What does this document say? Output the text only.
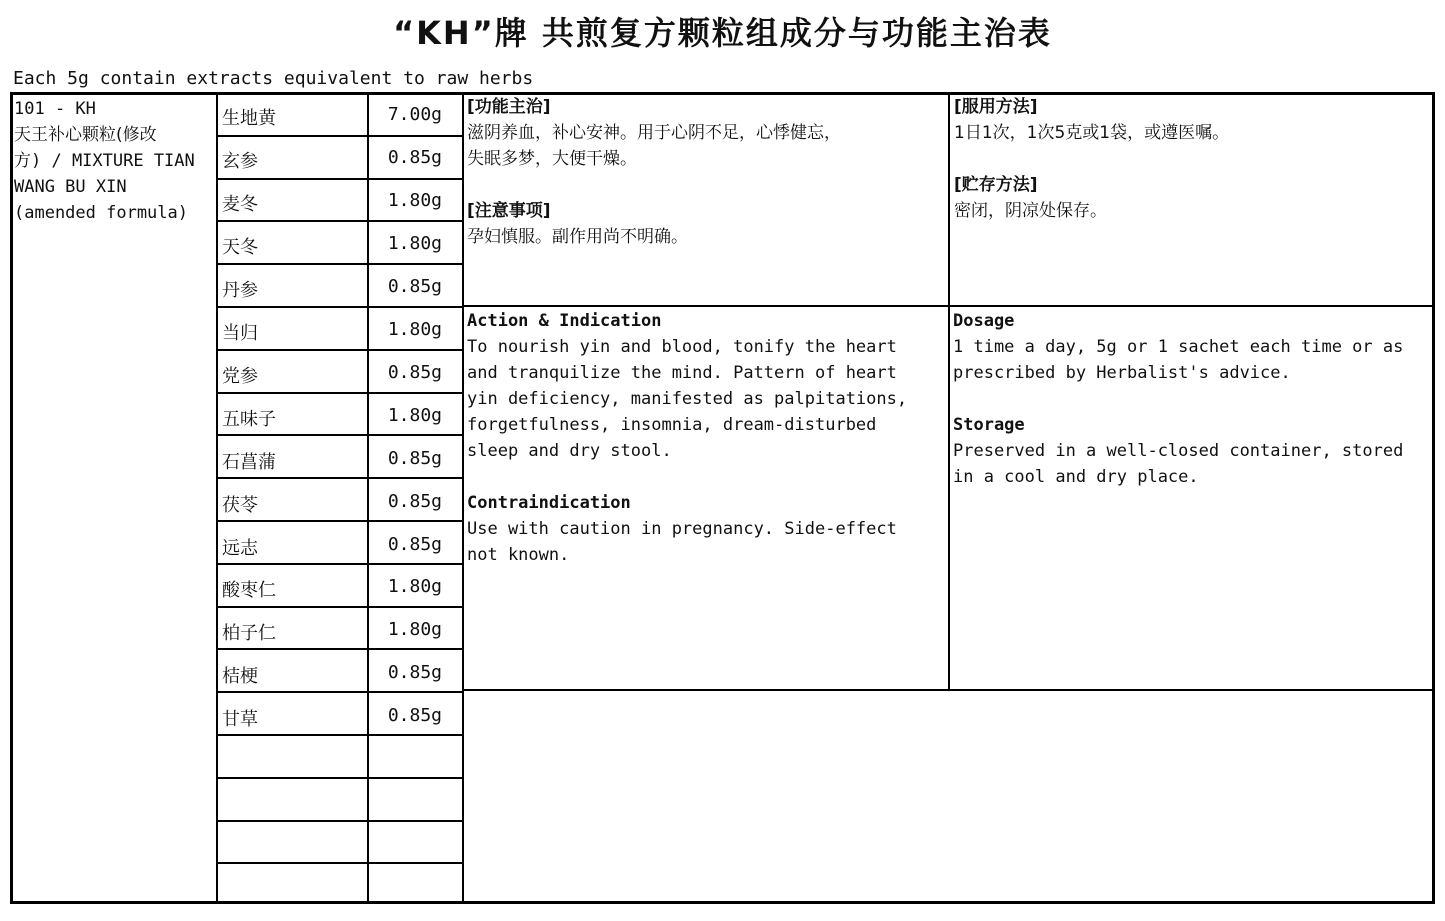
“KH”牌 共煎复方颗粒组成分与功能主治表
Each 5g contain extracts equivalent to raw herbs
101 - KH
天王补心颗粒(修改
方) / MIXTURE TIAN
WANG BU XIN
(amended formula)
生地黄	7.00g
玄参	0.85g
麦冬	1.80g
天冬	1.80g
丹参	0.85g
当归	1.80g
党参	0.85g
五味子	1.80g
石菖蒲	0.85g
茯苓	0.85g
远志	0.85g
酸枣仁	1.80g
柏子仁	1.80g
桔梗	0.85g
甘草	0.85g
[功能主治]
滋阴养血，补心安神。用于心阴不足，心悸健忘，
失眠多梦，大便干燥。
[注意事项]
孕妇慎服。副作用尚不明确。
[服用方法]
1日1次，1次5克或1袋，或遵医嘱。
[贮存方法]
密闭，阴凉处保存。
Action & Indication
To nourish yin and blood, tonify the heart
and tranquilize the mind. Pattern of heart
yin deficiency, manifested as palpitations,
forgetfulness, insomnia, dream-disturbed
sleep and dry stool.
Contraindication
Use with caution in pregnancy. Side-effect
not known.
Dosage
1 time a day, 5g or 1 sachet each time or as
prescribed by Herbalist's advice.
Storage
Preserved in a well-closed container, stored
in a cool and dry place.
